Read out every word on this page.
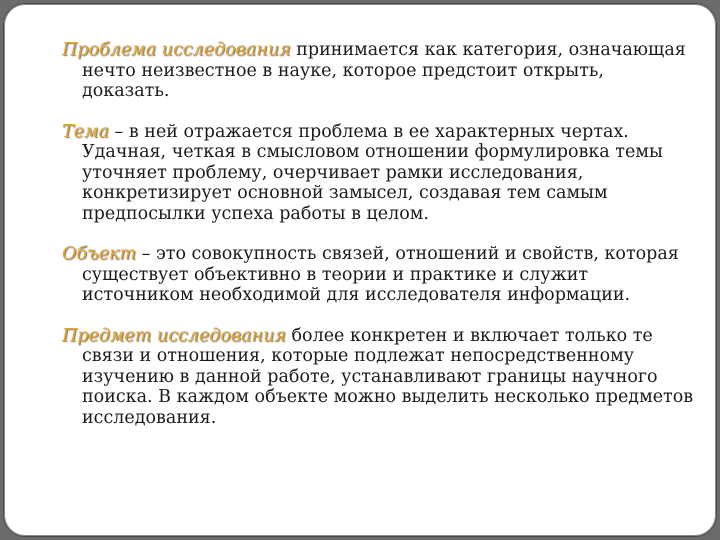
Проблема исследования принимается как категория, означающая нечто неизвестное в науке, которое предстоит открыть, доказать.

Тема – в ней отражается проблема в ее характерных чертах. Удачная, четкая в смысловом отношении формулировка темы уточняет проблему, очерчивает рамки исследования, конкретизирует основной замысел, создавая тем самым предпосылки успеха работы в целом.

Объект – это совокупность связей, отношений и свойств, которая существует объективно в теории и практике и служит источником необходимой для исследователя информации.

Предмет исследования более конкретен и включает только те связи и отношения, которые подлежат непосредственному изучению в данной работе, устанавливают границы научного поиска. В каждом объекте можно выделить несколько предметов исследования.
